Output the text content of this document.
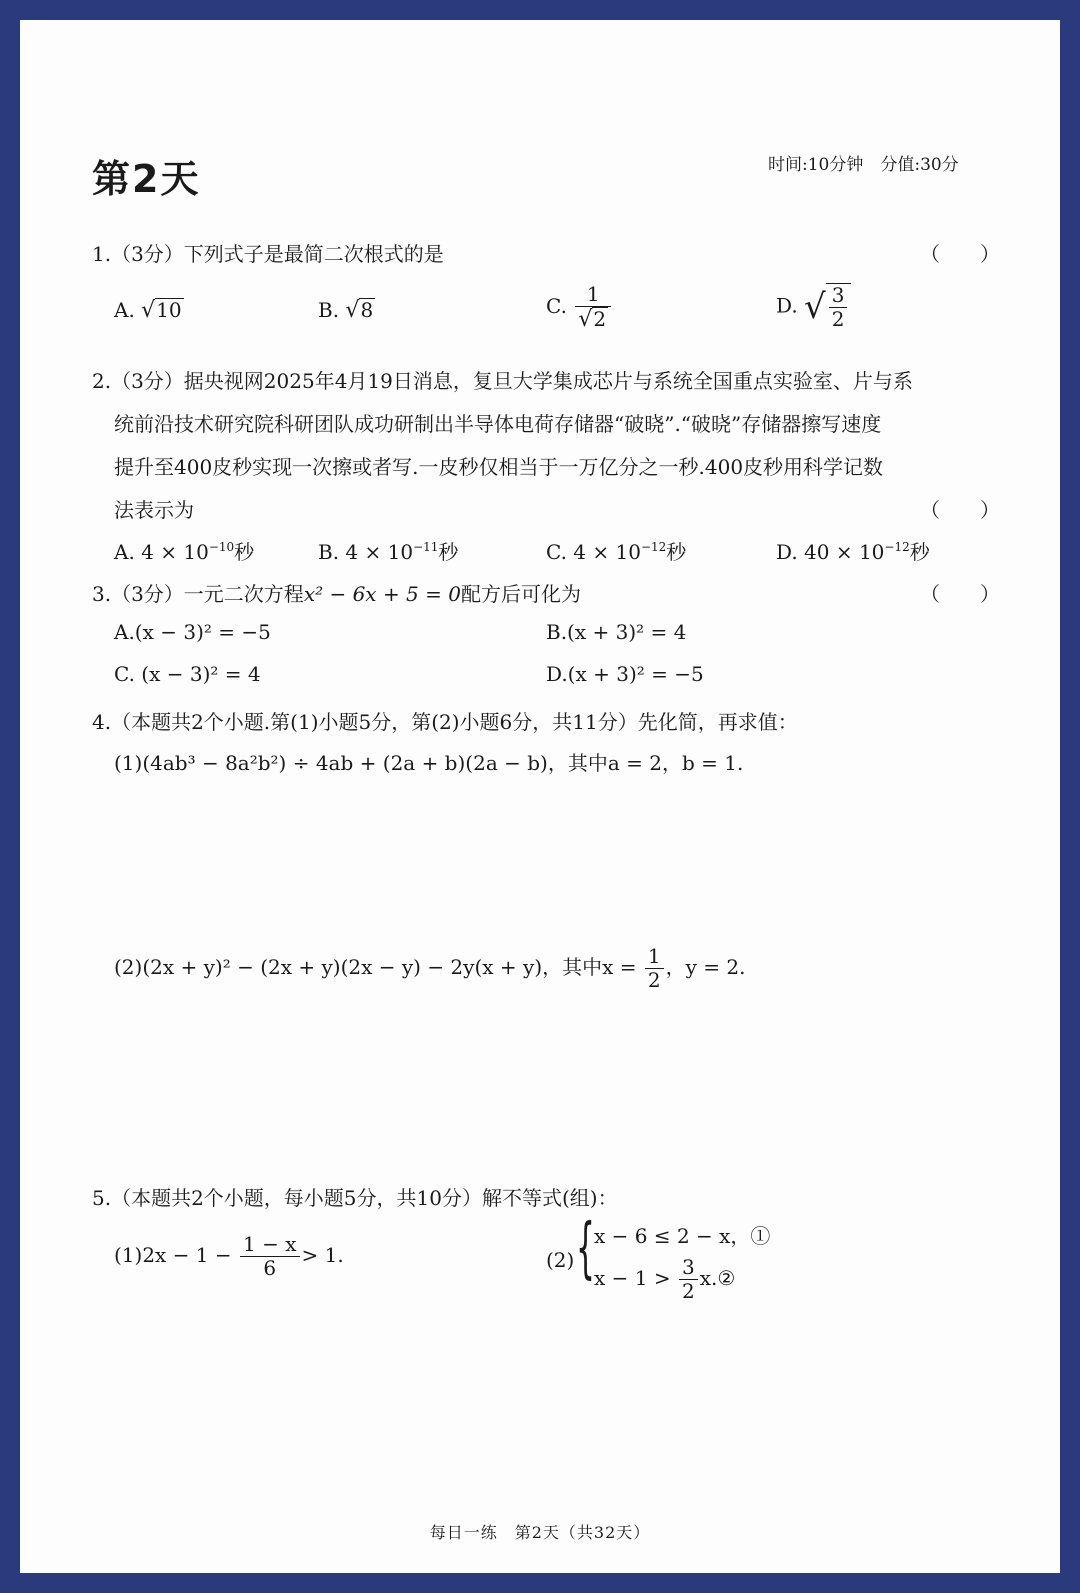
第2天	时间:10分钟　分值:30分
1.（3分）下列式子是最简二次根式的是	（　　）
A. √10	B. √8	C. $\frac{1}{√2}$	D. √ $\frac{3}{2}$
2.（3分）据央视网2025年4月19日消息，复旦大学集成芯片与系统全国重点实验室、片与系
统前沿技术研究院科研团队成功研制出半导体电荷存储器“破晓”.“破晓”存储器擦写速度
提升至400皮秒实现一次擦或者写.一皮秒仅相当于一万亿分之一秒.400皮秒用科学记数
法表示为	（　　）
A. $4 \times 10^{-10}$秒	B. $4 \times 10^{-11}$秒	C. $4 \times 10^{-12}$秒	D. $40 \times 10^{-12}$秒
3.（3分）一元二次方程x² − 6x + 5 = 0配方后可化为	（　　）
A.(x − 3)² = −5	B.(x + 3)² = 4
C. (x − 3)² = 4	D.(x + 3)² = −5
4.（本题共2个小题.第(1)小题5分，第(2)小题6分，共11分）先化简，再求值：
(1)(4ab³ − 8a²b²) ÷ 4ab + (2a + b)(2a − b)，其中a = 2，b = 1.
(2)(2x + y)² − (2x + y)(2x − y) − 2y(x + y)，其中$x = \frac{1}{2}$ ，y = 2.
5.（本题共2个小题，每小题5分，共10分）解不等式(组)：
$(1)2x - 1 - \frac{1 - x}{6} > 1$.	(2) { x − 6 ≤ 2 − x，①
$x - 1 > \frac{3}{2}$ x.②
每日一练　第2天（共32天）
